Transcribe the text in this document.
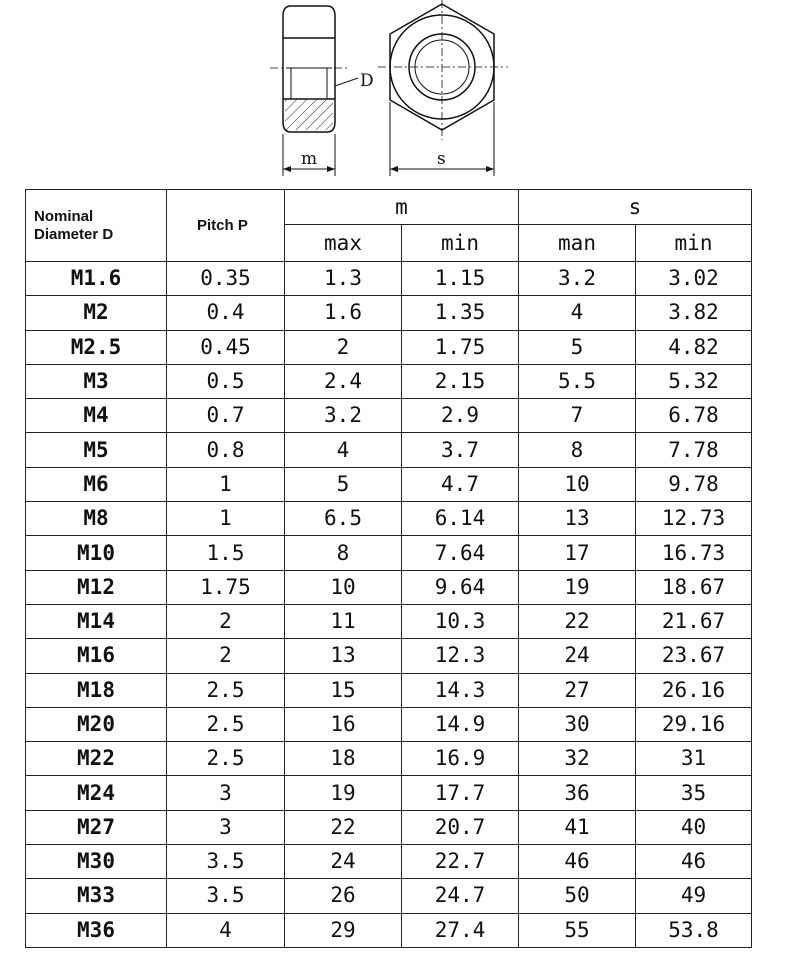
D
m	s
Nominal
Diameter D	Pitch P	m		s	
		max	min	man	min
M1.6	0.35	1.3	1.15	3.2	3.02
M2	0.4	1.6	1.35	4	3.82
M2.5	0.45	2	1.75	5	4.82
M3	0.5	2.4	2.15	5.5	5.32
M4	0.7	3.2	2.9	7	6.78
M5	0.8	4	3.7	8	7.78
M6	1	5	4.7	10	9.78
M8	1	6.5	6.14	13	12.73
M10	1.5	8	7.64	17	16.73
M12	1.75	10	9.64	19	18.67
M14	2	11	10.3	22	21.67
M16	2	13	12.3	24	23.67
M18	2.5	15	14.3	27	26.16
M20	2.5	16	14.9	30	29.16
M22	2.5	18	16.9	32	31
M24	3	19	17.7	36	35
M27	3	22	20.7	41	40
M30	3.5	24	22.7	46	46
M33	3.5	26	24.7	50	49
M36	4	29	27.4	55	53.8
